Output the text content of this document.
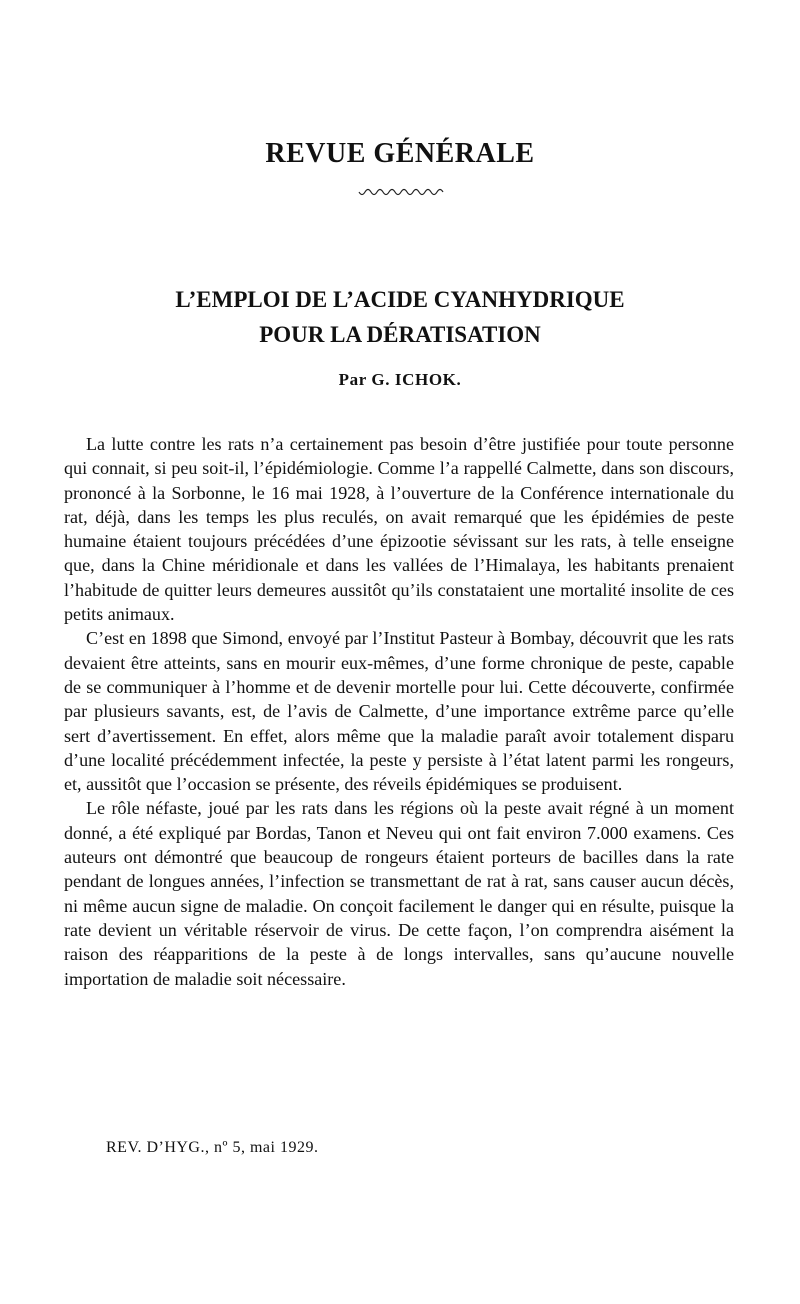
REVUE GÉNÉRALE
L’EMPLOI DE L’ACIDE CYANHYDRIQUE
POUR LA DÉRATISATION

Par G. ICHOK.

La lutte contre les rats n’a certainement pas besoin d’être justifiée pour toute personne qui connait, si peu soit-il, l’épidémiologie. Comme l’a rappellé Calmette, dans son discours, prononcé à la Sorbonne, le 16 mai 1928, à l’ouverture de la Conférence internationale du rat, déjà, dans les temps les plus reculés, on avait remarqué que les épidémies de peste humaine étaient toujours précédées d’une épizootie sévissant sur les rats, à telle enseigne que, dans la Chine méridionale et dans les vallées de l’Himalaya, les habitants prenaient l’habitude de quitter leurs demeures aussitôt qu’ils constataient une mortalité insolite de ces petits animaux.

C’est en 1898 que Simond, envoyé par l’Institut Pasteur à Bombay, découvrit que les rats devaient être atteints, sans en mourir eux-mêmes, d’une forme chronique de peste, capable de se communiquer à l’homme et de devenir mortelle pour lui. Cette découverte, confirmée par plusieurs savants, est, de l’avis de Calmette, d’une importance extrême parce qu’elle sert d’avertissement. En effet, alors même que la maladie paraît avoir totalement disparu d’une localité précédemment infectée, la peste y persiste à l’état latent parmi les rongeurs, et, aussitôt que l’occasion se présente, des réveils épidémiques se produisent.

Le rôle néfaste, joué par les rats dans les régions où la peste avait régné à un moment donné, a été expliqué par Bordas, Tanon et Neveu qui ont fait environ 7.000 examens. Ces auteurs ont démontré que beaucoup de rongeurs étaient porteurs de bacilles dans la rate pendant de longues années, l’infection se transmettant de rat à rat, sans causer aucun décès, ni même aucun signe de maladie. On conçoit facilement le danger qui en résulte, puisque la rate devient un véritable réservoir de virus. De cette façon, l’on comprendra aisément la raison des réapparitions de la peste à de longs intervalles, sans qu’aucune nouvelle importation de maladie soit nécessaire.

REV. D’HYG., nº 5, mai 1929.
